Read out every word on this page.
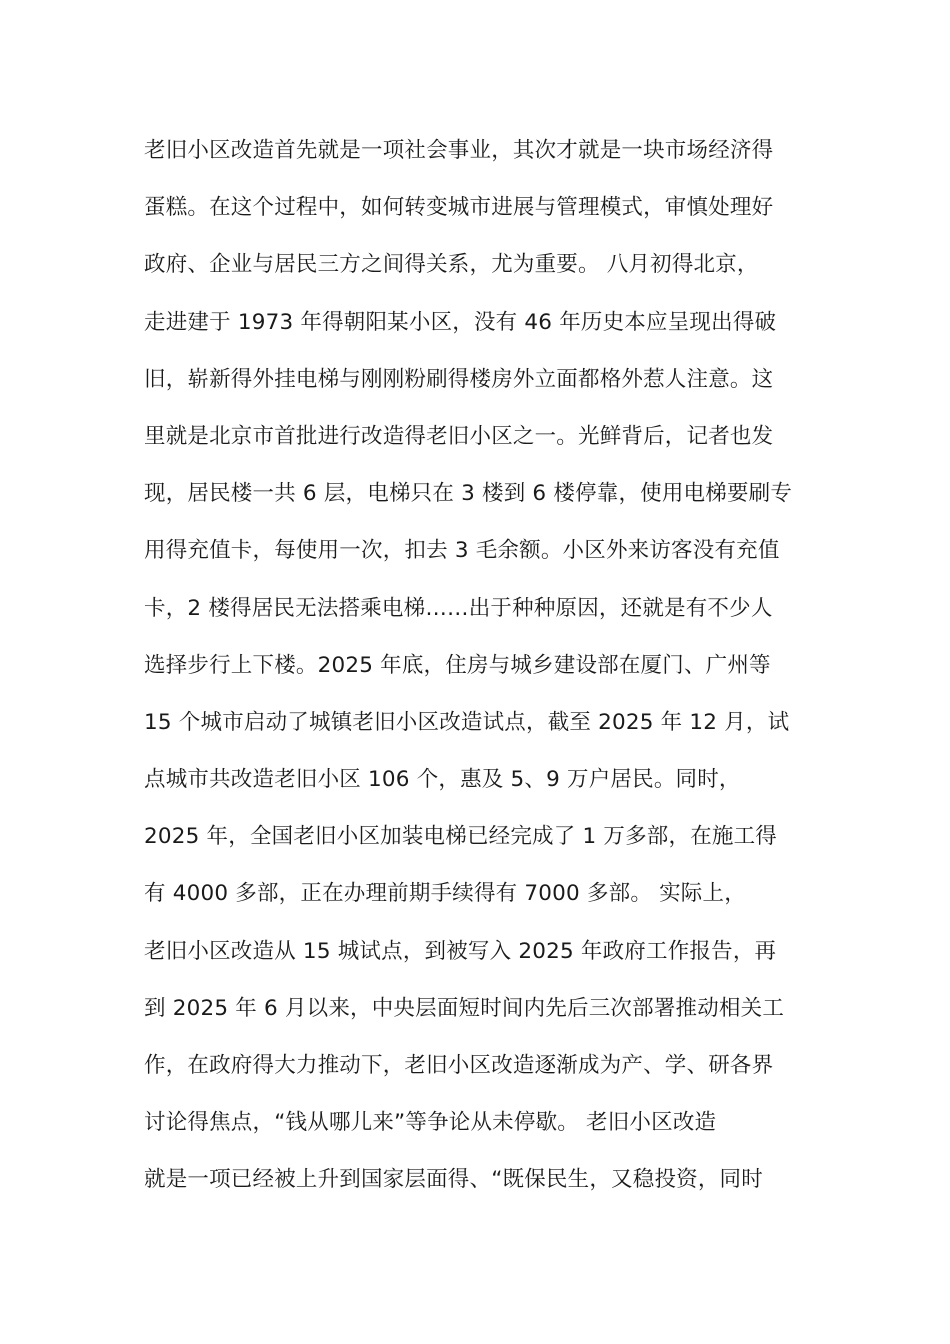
老旧小区改造首先就是一项社会事业，其次才就是一块市场经济得
蛋糕。在这个过程中，如何转变城市进展与管理模式，审慎处理好
政府、企业与居民三方之间得关系，尤为重要。 八月初得北京，
走进建于 1973 年得朝阳某小区，没有 46 年历史本应呈现出得破
旧，崭新得外挂电梯与刚刚粉刷得楼房外立面都格外惹人注意。这
里就是北京市首批进行改造得老旧小区之一。光鲜背后，记者也发
现，居民楼一共 6 层，电梯只在 3 楼到 6 楼停靠，使用电梯要刷专
用得充值卡，每使用一次，扣去 3 毛余额。小区外来访客没有充值
卡，2 楼得居民无法搭乘电梯……出于种种原因，还就是有不少人
选择步行上下楼。2025 年底，住房与城乡建设部在厦门、广州等
15 个城市启动了城镇老旧小区改造试点，截至 2025 年 12 月，试
点城市共改造老旧小区 106 个，惠及 5、9 万户居民。同时，
2025 年，全国老旧小区加装电梯已经完成了 1 万多部，在施工得
有 4000 多部，正在办理前期手续得有 7000 多部。 实际上，
老旧小区改造从 15 城试点，到被写入 2025 年政府工作报告，再
到 2025 年 6 月以来，中央层面短时间内先后三次部署推动相关工
作，在政府得大力推动下，老旧小区改造逐渐成为产、学、研各界
讨论得焦点，“钱从哪儿来”等争论从未停歇。 老旧小区改造
就是一项已经被上升到国家层面得、“既保民生，又稳投资，同时
